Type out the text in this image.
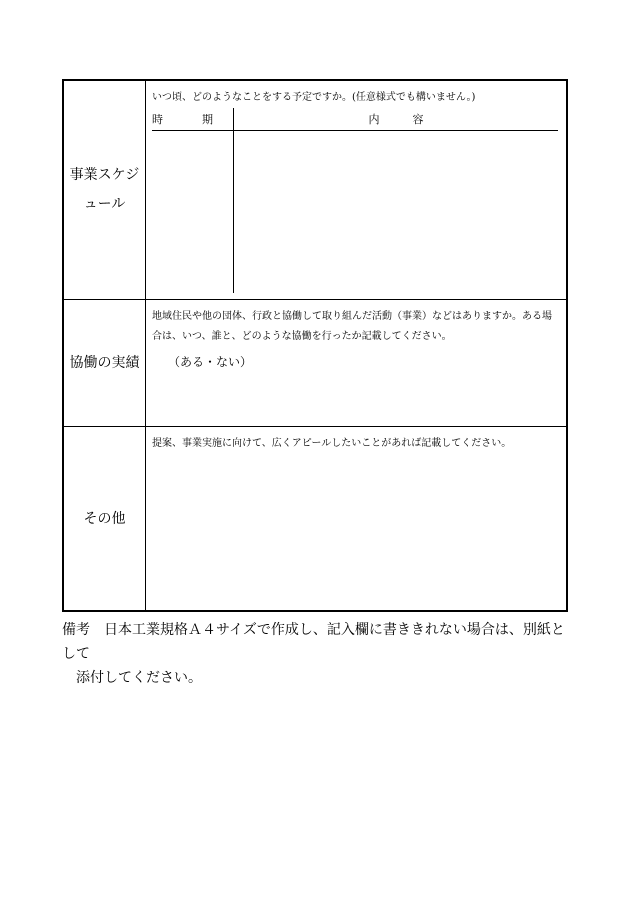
事業スケジュール
いつ頃、どのようなことをする予定ですか。(任意様式でも構いません。)
時　期	内　　　容
協働の実績
地域住民や他の団体、行政と協働して取り組んだ活動（事業）などはありますか。ある場合は、いつ、誰と、どのような協働を行ったか記載してください。
（ある・ない）
その他
提案、事業実施に向けて、広くアピールしたいことがあれば記載してください。
備考　日本工業規格Ａ４サイズで作成し、記入欄に書ききれない場合は、別紙として
添付してください。
